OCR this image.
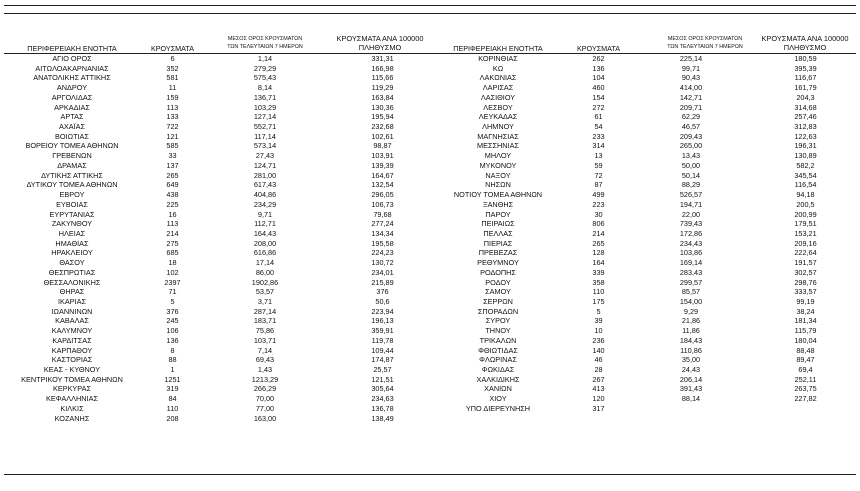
ΠΕΡΙΦΕΡΕΙΑΚΗ ΕΝΟΤΗΤΑ	ΚΡΟΥΣΜΑΤΑ
ΜΕΣΟΣ ΟΡΟΣ ΚΡΟΥΣΜΑΤΩΝ
ΤΩΝ ΤΕΛΕΥΤΑΙΩΝ 7 ΗΜΕΡΩΝ
ΚΡΟΥΣΜΑΤΑ ΑΝΑ 100000
ΠΛΗΘΥΣΜΟ	ΠΕΡΙΦΕΡΕΙΑΚΗ ΕΝΟΤΗΤΑ	ΚΡΟΥΣΜΑΤΑ
ΜΕΣΟΣ ΟΡΟΣ ΚΡΟΥΣΜΑΤΩΝ
ΤΩΝ ΤΕΛΕΥΤΑΙΩΝ 7 ΗΜΕΡΩΝ
ΚΡΟΥΣΜΑΤΑ ΑΝΑ 100000
ΠΛΗΘΥΣΜΟ
ΑΓΙΟ ΟΡΟΣ	6	1,14	331,31
ΑΙΤΩΛΟΑΚΑΡΝΑΝΙΑΣ	352	279,29	166,98
ΑΝΑΤΟΛΙΚΗΣ ΑΤΤΙΚΗΣ	581	575,43	115,66
ΑΝΔΡΟΥ	11	8,14	119,29
ΑΡΓΟΛΙΔΑΣ	159	136,71	163,84
ΑΡΚΑΔΙΑΣ	113	103,29	130,36
ΑΡΤΑΣ	133	127,14	195,94
ΑΧΑΪΑΣ	722	552,71	232,68
ΒΟΙΩΤΙΑΣ	121	117,14	102,61
ΒΟΡΕΙΟΥ ΤΟΜΕΑ ΑΘΗΝΩΝ	585	573,14	98,87
ΓΡΕΒΕΝΩΝ	33	27,43	103,91
ΔΡΑΜΑΣ	137	124,71	139,39
ΔΥΤΙΚΗΣ ΑΤΤΙΚΗΣ	265	281,00	164,67
ΔΥΤΙΚΟΥ ΤΟΜΕΑ ΑΘΗΝΩΝ	649	617,43	132,54
ΕΒΡΟΥ	438	404,86	296,05
ΕΥΒΟΙΑΣ	225	234,29	106,73
ΕΥΡΥΤΑΝΙΑΣ	16	9,71	79,68
ΖΑΚΥΝΘΟΥ	113	112,71	277,24
ΗΛΕΙΑΣ	214	164,43	134,34
ΗΜΑΘΙΑΣ	275	208,00	195,58
ΗΡΑΚΛΕΙΟΥ	685	616,86	224,23
ΘΑΣΟΥ	18	17,14	130,72
ΘΕΣΠΡΩΤΙΑΣ	102	86,00	234,01
ΘΕΣΣΑΛΟΝΙΚΗΣ	2397	1902,86	215,89
ΘΗΡΑΣ	71	53,57	376
ΙΚΑΡΙΑΣ	5	3,71	50,6
ΙΩΑΝΝΙΝΩΝ	376	287,14	223,94
ΚΑΒΑΛΑΣ	245	183,71	196,13
ΚΑΛΥΜΝΟΥ	106	75,86	359,91
ΚΑΡΔΙΤΣΑΣ	136	103,71	119,78
ΚΑΡΠΑΘΟΥ	8	7,14	109,44
ΚΑΣΤΟΡΙΑΣ	88	69,43	174,87
ΚΕΑΣ - ΚΥΘΝΟΥ	1	1,43	25,57
ΚΕΝΤΡΙΚΟΥ ΤΟΜΕΑ ΑΘΗΝΩΝ	1251	1213,29	121,51
ΚΕΡΚΥΡΑΣ	319	266,29	305,64
ΚΕΦΑΛΛΗΝΙΑΣ	84	70,00	234,63
ΚΙΛΚΙΣ	110	77,00	136,78
ΚΟΖΑΝΗΣ	208	163,00	138,49
ΚΟΡΙΝΘΙΑΣ	262	225,14	180,59
ΚΩ	136	99,71	395,39
ΛΑΚΩΝΙΑΣ	104	90,43	116,67
ΛΑΡΙΣΑΣ	460	414,00	161,79
ΛΑΣΙΘΙΟΥ	154	142,71	204,3
ΛΕΣΒΟΥ	272	209,71	314,68
ΛΕΥΚΑΔΑΣ	61	62,29	257,46
ΛΗΜΝΟΥ	54	46,57	312,83
ΜΑΓΝΗΣΙΑΣ	233	209,43	122,63
ΜΕΣΣΗΝΙΑΣ	314	265,00	196,31
ΜΗΛΟΥ	13	13,43	130,89
ΜΥΚΟΝΟΥ	59	50,00	582,2
ΝΑΞΟΥ	72	50,14	345,54
ΝΗΣΩΝ	87	88,29	116,54
ΝΟΤΙΟΥ ΤΟΜΕΑ ΑΘΗΝΩΝ	499	526,57	94,18
ΞΑΝΘΗΣ	223	194,71	200,5
ΠΑΡΟΥ	30	22,00	200,99
ΠΕΙΡΑΙΩΣ	806	739,43	179,51
ΠΕΛΛΑΣ	214	172,86	153,21
ΠΙΕΡΙΑΣ	265	234,43	209,16
ΠΡΕΒΕΖΑΣ	128	103,86	222,64
ΡΕΘΥΜΝΟΥ	164	169,14	191,57
ΡΟΔΟΠΗΣ	339	283,43	302,57
ΡΟΔΟΥ	358	299,57	298,76
ΣΑΜΟΥ	110	85,57	333,57
ΣΕΡΡΩΝ	175	154,00	99,19
ΣΠΟΡΑΔΩΝ	5	9,29	38,24
ΣΥΡΟΥ	39	21,86	181,34
ΤΗΝΟΥ	10	11,86	115,79
ΤΡΙΚΑΛΩΝ	236	184,43	180,04
ΦΘΙΩΤΙΔΑΣ	140	110,86	88,48
ΦΛΩΡΙΝΑΣ	46	35,00	89,47
ΦΩΚΙΔΑΣ	28	24,43	69,4
ΧΑΛΚΙΔΙΚΗΣ	267	206,14	252,11
ΧΑΝΙΩΝ	413	391,43	263,75
ΧΙΟΥ	120	88,14	227,82
ΥΠΟ ΔΙΕΡΕΥΝΗΣΗ	317		
